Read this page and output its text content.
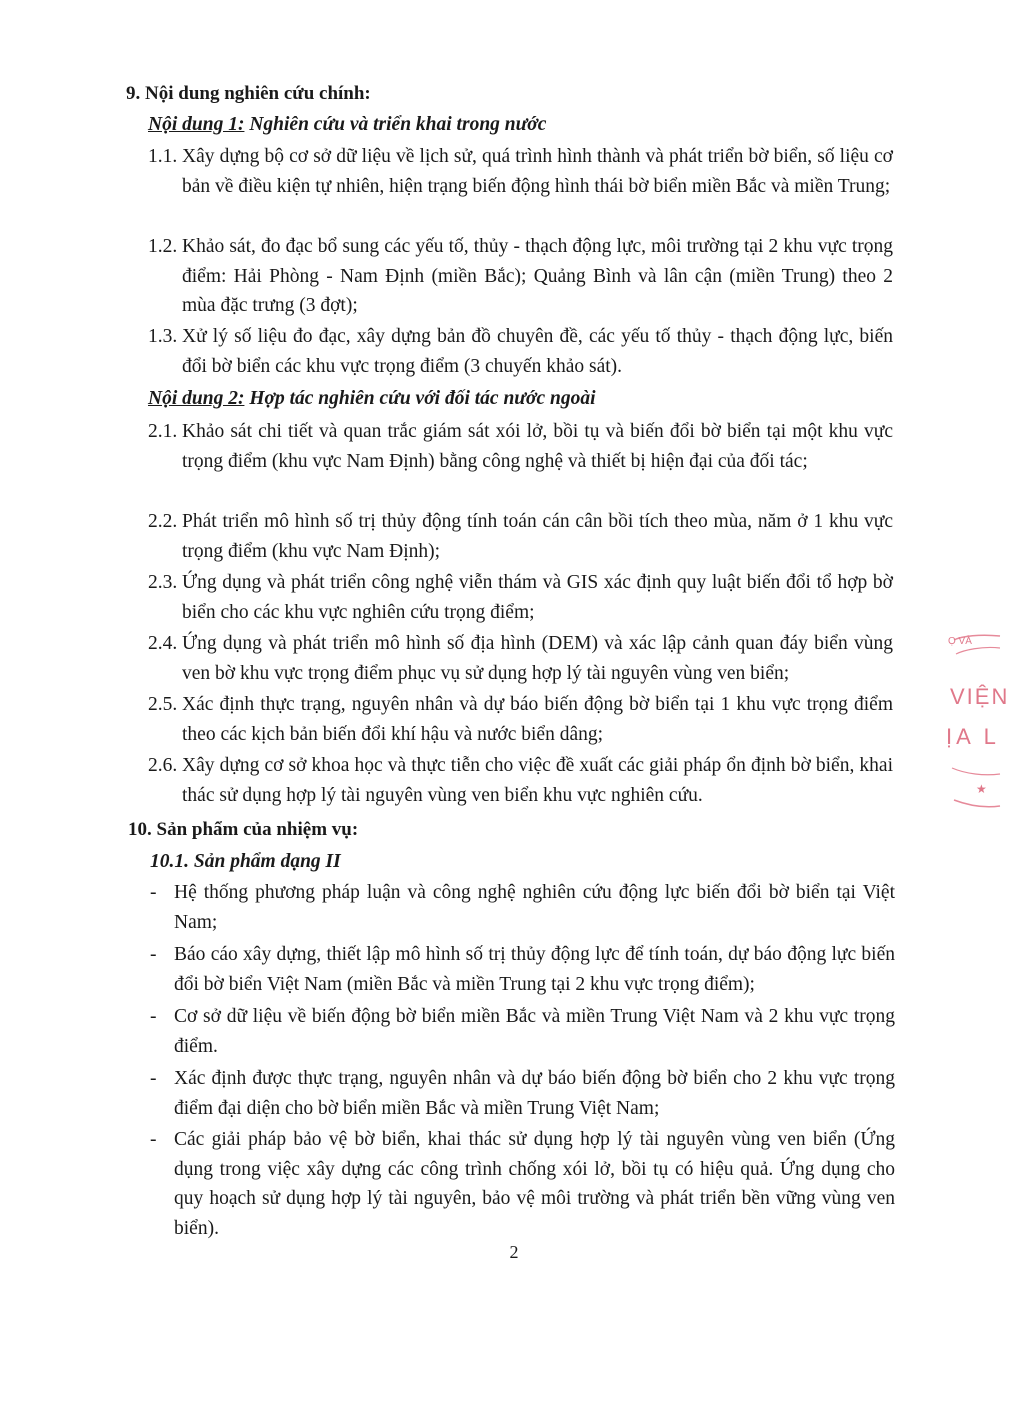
9. Nội dung nghiên cứu chính:
Nội dung 1: Nghiên cứu và triển khai trong nước
1.1. Xây dựng bộ cơ sở dữ liệu về lịch sử, quá trình hình thành và phát triển bờ biển, số liệu cơ bản về điều kiện tự nhiên, hiện trạng biến động hình thái bờ biển miền Bắc và miền Trung;
1.2. Khảo sát, đo đạc bổ sung các yếu tố, thủy - thạch động lực, môi trường tại 2 khu vực trọng điểm: Hải Phòng - Nam Định (miền Bắc); Quảng Bình và lân cận (miền Trung) theo 2 mùa đặc trưng (3 đợt);
1.3. Xử lý số liệu đo đạc, xây dựng bản đồ chuyên đề, các yếu tố thủy - thạch động lực, biến đổi bờ biển các khu vực trọng điểm (3 chuyến khảo sát).
Nội dung 2: Hợp tác nghiên cứu với đối tác nước ngoài
2.1. Khảo sát chi tiết và quan trắc giám sát xói lở, bồi tụ và biến đổi bờ biển tại một khu vực trọng điểm (khu vực Nam Định) bằng công nghệ và thiết bị hiện đại của đối tác;
2.2. Phát triển mô hình số trị thủy động tính toán cán cân bồi tích theo mùa, năm ở 1 khu vực trọng điểm (khu vực Nam Định);
2.3. Ứng dụng và phát triển công nghệ viễn thám và GIS xác định quy luật biến đổi tổ hợp bờ biển cho các khu vực nghiên cứu trọng điểm;
2.4. Ứng dụng và phát triển mô hình số địa hình (DEM) và xác lập cảnh quan đáy biển vùng ven bờ khu vực trọng điểm phục vụ sử dụng hợp lý tài nguyên vùng ven biển;
2.5. Xác định thực trạng, nguyên nhân và dự báo biến động bờ biển tại 1 khu vực trọng điểm theo các kịch bản biến đổi khí hậu và nước biển dâng;
2.6. Xây dựng cơ sở khoa học và thực tiễn cho việc đề xuất các giải pháp ổn định bờ biển, khai thác sử dụng hợp lý tài nguyên vùng ven biển khu vực nghiên cứu.
10. Sản phẩm của nhiệm vụ:
10.1. Sản phẩm dạng II
- Hệ thống phương pháp luận và công nghệ nghiên cứu động lực biến đổi bờ biển tại Việt Nam;
- Báo cáo xây dựng, thiết lập mô hình số trị thủy động lực để tính toán, dự báo động lực biến đổi bờ biển Việt Nam (miền Bắc và miền Trung tại 2 khu vực trọng điểm);
- Cơ sở dữ liệu về biến động bờ biển miền Bắc và miền Trung Việt Nam và 2 khu vực trọng điểm.
- Xác định được thực trạng, nguyên nhân và dự báo biến động bờ biển cho 2 khu vực trọng điểm đại diện cho bờ biển miền Bắc và miền Trung Việt Nam;
- Các giải pháp bảo vệ bờ biển, khai thác sử dụng hợp lý tài nguyên vùng ven biển (Ứng dụng trong việc xây dựng các công trình chống xói lở, bồi tụ có hiệu quả. Ứng dụng cho quy hoạch sử dụng hợp lý tài nguyên, bảo vệ môi trường và phát triển bền vững vùng ven biển).
2
Ọ VÀ
VIỆN
ỊA L
★
